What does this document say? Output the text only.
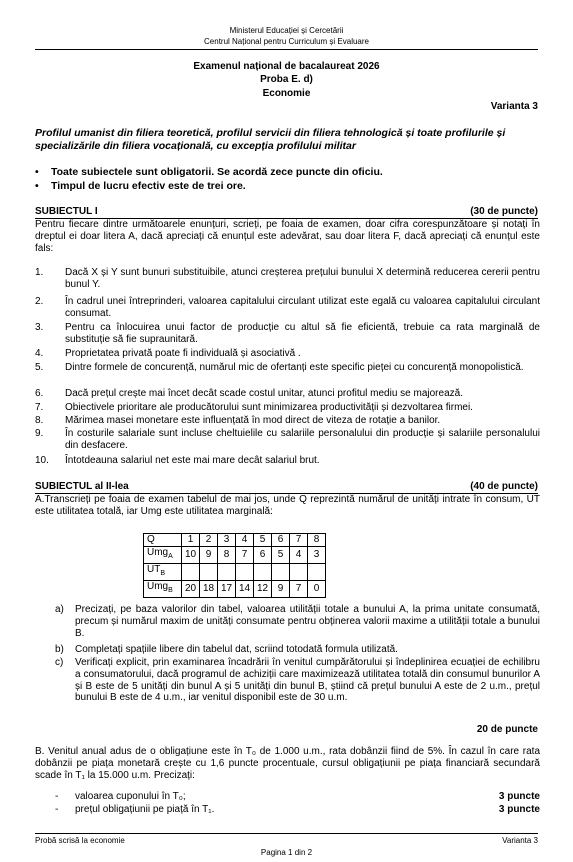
Ministerul Educației și Cercetării
Centrul Național pentru Curriculum și Evaluare
Examenul național de bacalaureat 2026
Proba E. d)
Economie
Varianta 3
Profilul umanist din filiera teoretică, profilul servicii din filiera tehnologică și toate profilurile și specializările din filiera vocațională, cu excepția profilului militar
• Toate subiectele sunt obligatorii. Se acordă zece puncte din oficiu.
• Timpul de lucru efectiv este de trei ore.
SUBIECTUL I	(30 de puncte)
Pentru fiecare dintre următoarele enunțuri, scrieți, pe foaia de examen, doar cifra corespunzătoare și notați în dreptul ei doar litera A, dacă apreciați că enunțul este adevărat, sau doar litera F, dacă apreciați că enunțul este fals:
1. Dacă X și Y sunt bunuri substituibile, atunci creșterea prețului bunului X determină reducerea cererii pentru bunul Y.
2. În cadrul unei întreprinderi, valoarea capitalului circulant utilizat este egală cu valoarea capitalului circulant consumat.
3. Pentru ca înlocuirea unui factor de producție cu altul să fie eficientă, trebuie ca rata marginală de substituție să fie supraunitară.
4. Proprietatea privată poate fi individuală și asociativă .
5. Dintre formele de concurență, numărul mic de ofertanți este specific pieței cu concurență monopolistică.
6. Dacă prețul crește mai încet decât scade costul unitar, atunci profitul mediu se majorează.
7. Obiectivele prioritare ale producătorului sunt minimizarea productivității și dezvoltarea firmei.
8. Mărimea masei monetare este influențată în mod direct de viteza de rotație a banilor.
9. În costurile salariale sunt incluse cheltuielile cu salariile personalului din producție și salariile personalului din desfacere.
10. Întotdeauna salariul net este mai mare decât salariul brut.
SUBIECTUL al II-lea	(40 de puncte)
A.Transcrieți pe foaia de examen tabelul de mai jos, unde Q reprezintă numărul de unități intrate în consum, UT este utilitatea totală, iar Umg este utilitatea marginală:
Q	1	2	3	4	5	6	7	8
Umg$_A$	10	9	8	7	6	5	4	3
$UT_B$								
Umg$_B$	20	18	17	14	12	9	7	0
a) Precizați, pe baza valorilor din tabel, valoarea utilității totale a bunului A, la prima unitate consumată, precum și numărul maxim de unități consumate pentru obținerea valorii maxime a utilității totale a bunului B.
b) Completați spațiile libere din tabelul dat, scriind totodată formula utilizată.
c) Verificați explicit, prin examinarea încadrării în venitul cumpărătorului și îndeplinirea ecuației de echilibru a consumatorului, dacă programul de achiziții care maximizează utilitatea totală din consumul bunurilor A și B este de 5 unități din bunul A și 5 unități din bunul B, știind că prețul bunului A este de 2 u.m., prețul bunului B este de 4 u.m., iar venitul disponibil este de 30 u.m.
20 de puncte
B. Venitul anual adus de o obligațiune este în T₀ de 1.000 u.m., rata dobânzii fiind de 5%. În cazul în care rata dobânzii pe piața monetară crește cu 1,6 puncte procentuale, cursul obligațiunii pe piața financiară secundară scade în T₁ la 15.000 u.m. Precizați:
- valoarea cuponului în T₀;	3 puncte
- prețul obligațiunii pe piață în T₁.	3 puncte
Probă scrisă la economie	Varianta 3
Pagina 1 din 2
